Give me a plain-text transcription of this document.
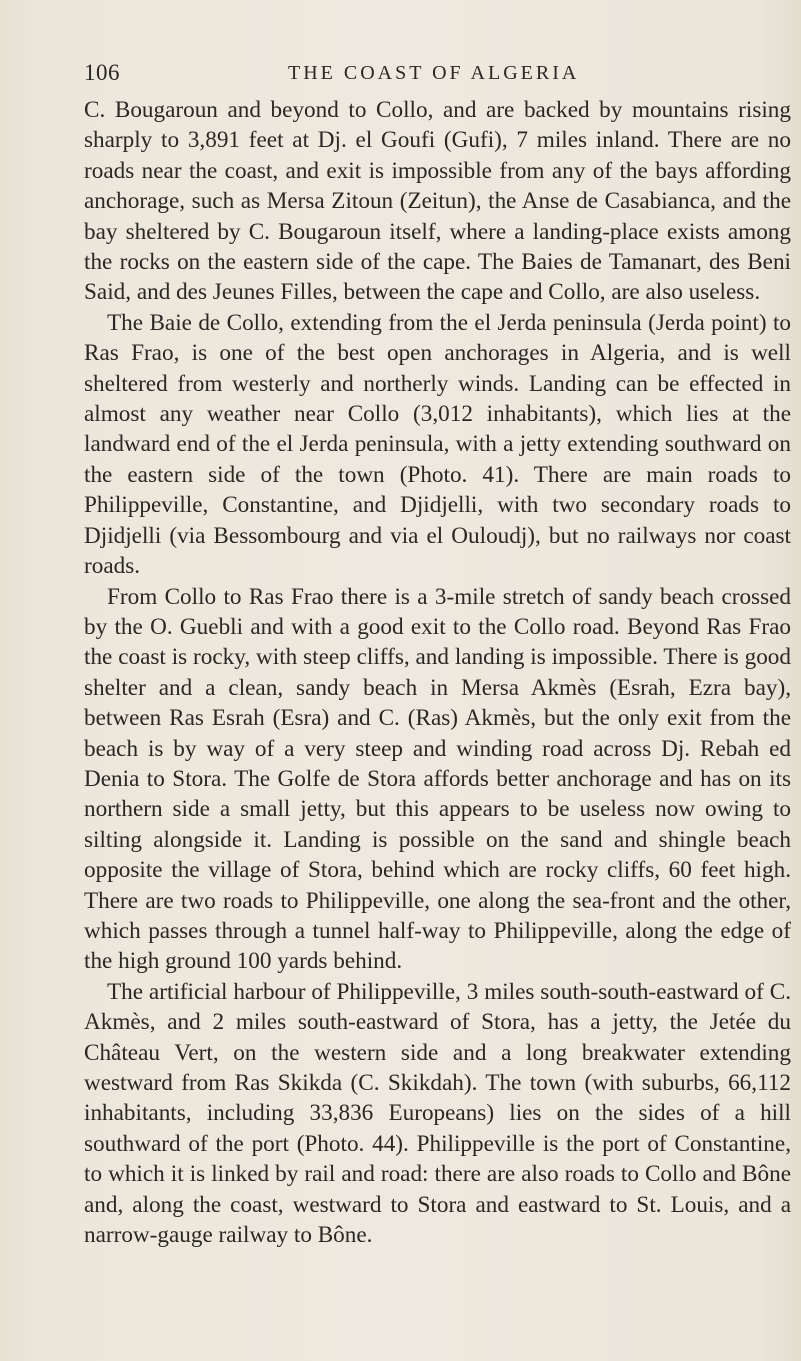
106	THE COAST OF ALGERIA

C. Bougaroun and beyond to Collo, and are backed by mountains rising sharply to 3,891 feet at Dj. el Goufi (Gufi), 7 miles inland. There are no roads near the coast, and exit is impossible from any of the bays affording anchorage, such as Mersa Zitoun (Zeitun), the Anse de Casabianca, and the bay sheltered by C. Bougaroun itself, where a landing-place exists among the rocks on the eastern side of the cape. The Baies de Tamanart, des Beni Said, and des Jeunes Filles, between the cape and Collo, are also useless.

The Baie de Collo, extending from the el Jerda peninsula (Jerda point) to Ras Frao, is one of the best open anchorages in Algeria, and is well sheltered from westerly and northerly winds. Landing can be effected in almost any weather near Collo (3,012 inhabitants), which lies at the landward end of the el Jerda peninsula, with a jetty extending southward on the eastern side of the town (Photo. 41). There are main roads to Philippeville, Constantine, and Djidjelli, with two secondary roads to Djidjelli (via Bessombourg and via el Ouloudj), but no railways nor coast roads.

From Collo to Ras Frao there is a 3-mile stretch of sandy beach crossed by the O. Guebli and with a good exit to the Collo road. Beyond Ras Frao the coast is rocky, with steep cliffs, and landing is impossible. There is good shelter and a clean, sandy beach in Mersa Akmès (Esrah, Ezra bay), between Ras Esrah (Esra) and C. (Ras) Akmès, but the only exit from the beach is by way of a very steep and winding road across Dj. Rebah ed Denia to Stora. The Golfe de Stora affords better anchorage and has on its northern side a small jetty, but this appears to be useless now owing to silting alongside it. Landing is possible on the sand and shingle beach opposite the village of Stora, behind which are rocky cliffs, 60 feet high. There are two roads to Philippeville, one along the sea-front and the other, which passes through a tunnel half-way to Philippeville, along the edge of the high ground 100 yards behind.

The artificial harbour of Philippeville, 3 miles south-south-eastward of C. Akmès, and 2 miles south-eastward of Stora, has a jetty, the Jetée du Château Vert, on the western side and a long breakwater extending westward from Ras Skikda (C. Skikdah). The town (with suburbs, 66,112 inhabitants, including 33,836 Europeans) lies on the sides of a hill southward of the port (Photo. 44). Philippeville is the port of Constantine, to which it is linked by rail and road: there are also roads to Collo and Bône and, along the coast, westward to Stora and eastward to St. Louis, and a narrow-gauge railway to Bône.
